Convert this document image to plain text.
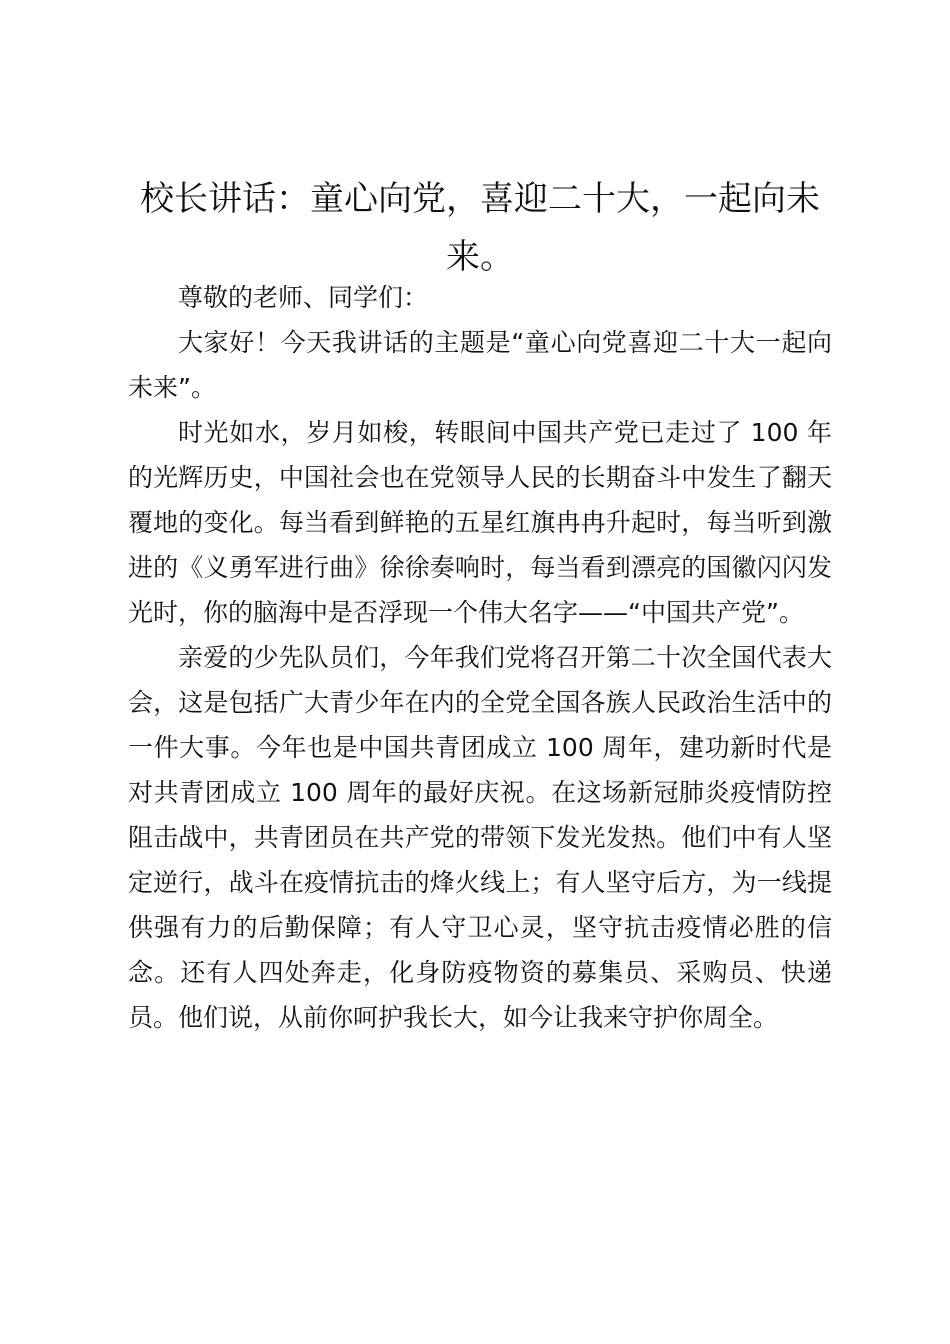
校长讲话：童心向党，喜迎二十大，一起向未来。

尊敬的老师、同学们：

大家好！今天我讲话的主题是“童心向党喜迎二十大一起向未来”。

时光如水，岁月如梭，转眼间中国共产党已走过了 100 年的光辉历史，中国社会也在党领导人民的长期奋斗中发生了翻天覆地的变化。每当看到鲜艳的五星红旗冉冉升起时，每当听到激进的《义勇军进行曲》徐徐奏响时，每当看到漂亮的国徽闪闪发光时，你的脑海中是否浮现一个伟大名字——“中国共产党”。

亲爱的少先队员们，今年我们党将召开第二十次全国代表大会，这是包括广大青少年在内的全党全国各族人民政治生活中的一件大事。今年也是中国共青团成立 100 周年，建功新时代是对共青团成立 100 周年的最好庆祝。在这场新冠肺炎疫情防控阻击战中，共青团员在共产党的带领下发光发热。他们中有人坚定逆行，战斗在疫情抗击的烽火线上；有人坚守后方，为一线提供强有力的后勤保障；有人守卫心灵，坚守抗击疫情必胜的信念。还有人四处奔走，化身防疫物资的募集员、采购员、快递员。他们说，从前你呵护我长大，如今让我来守护你周全。
